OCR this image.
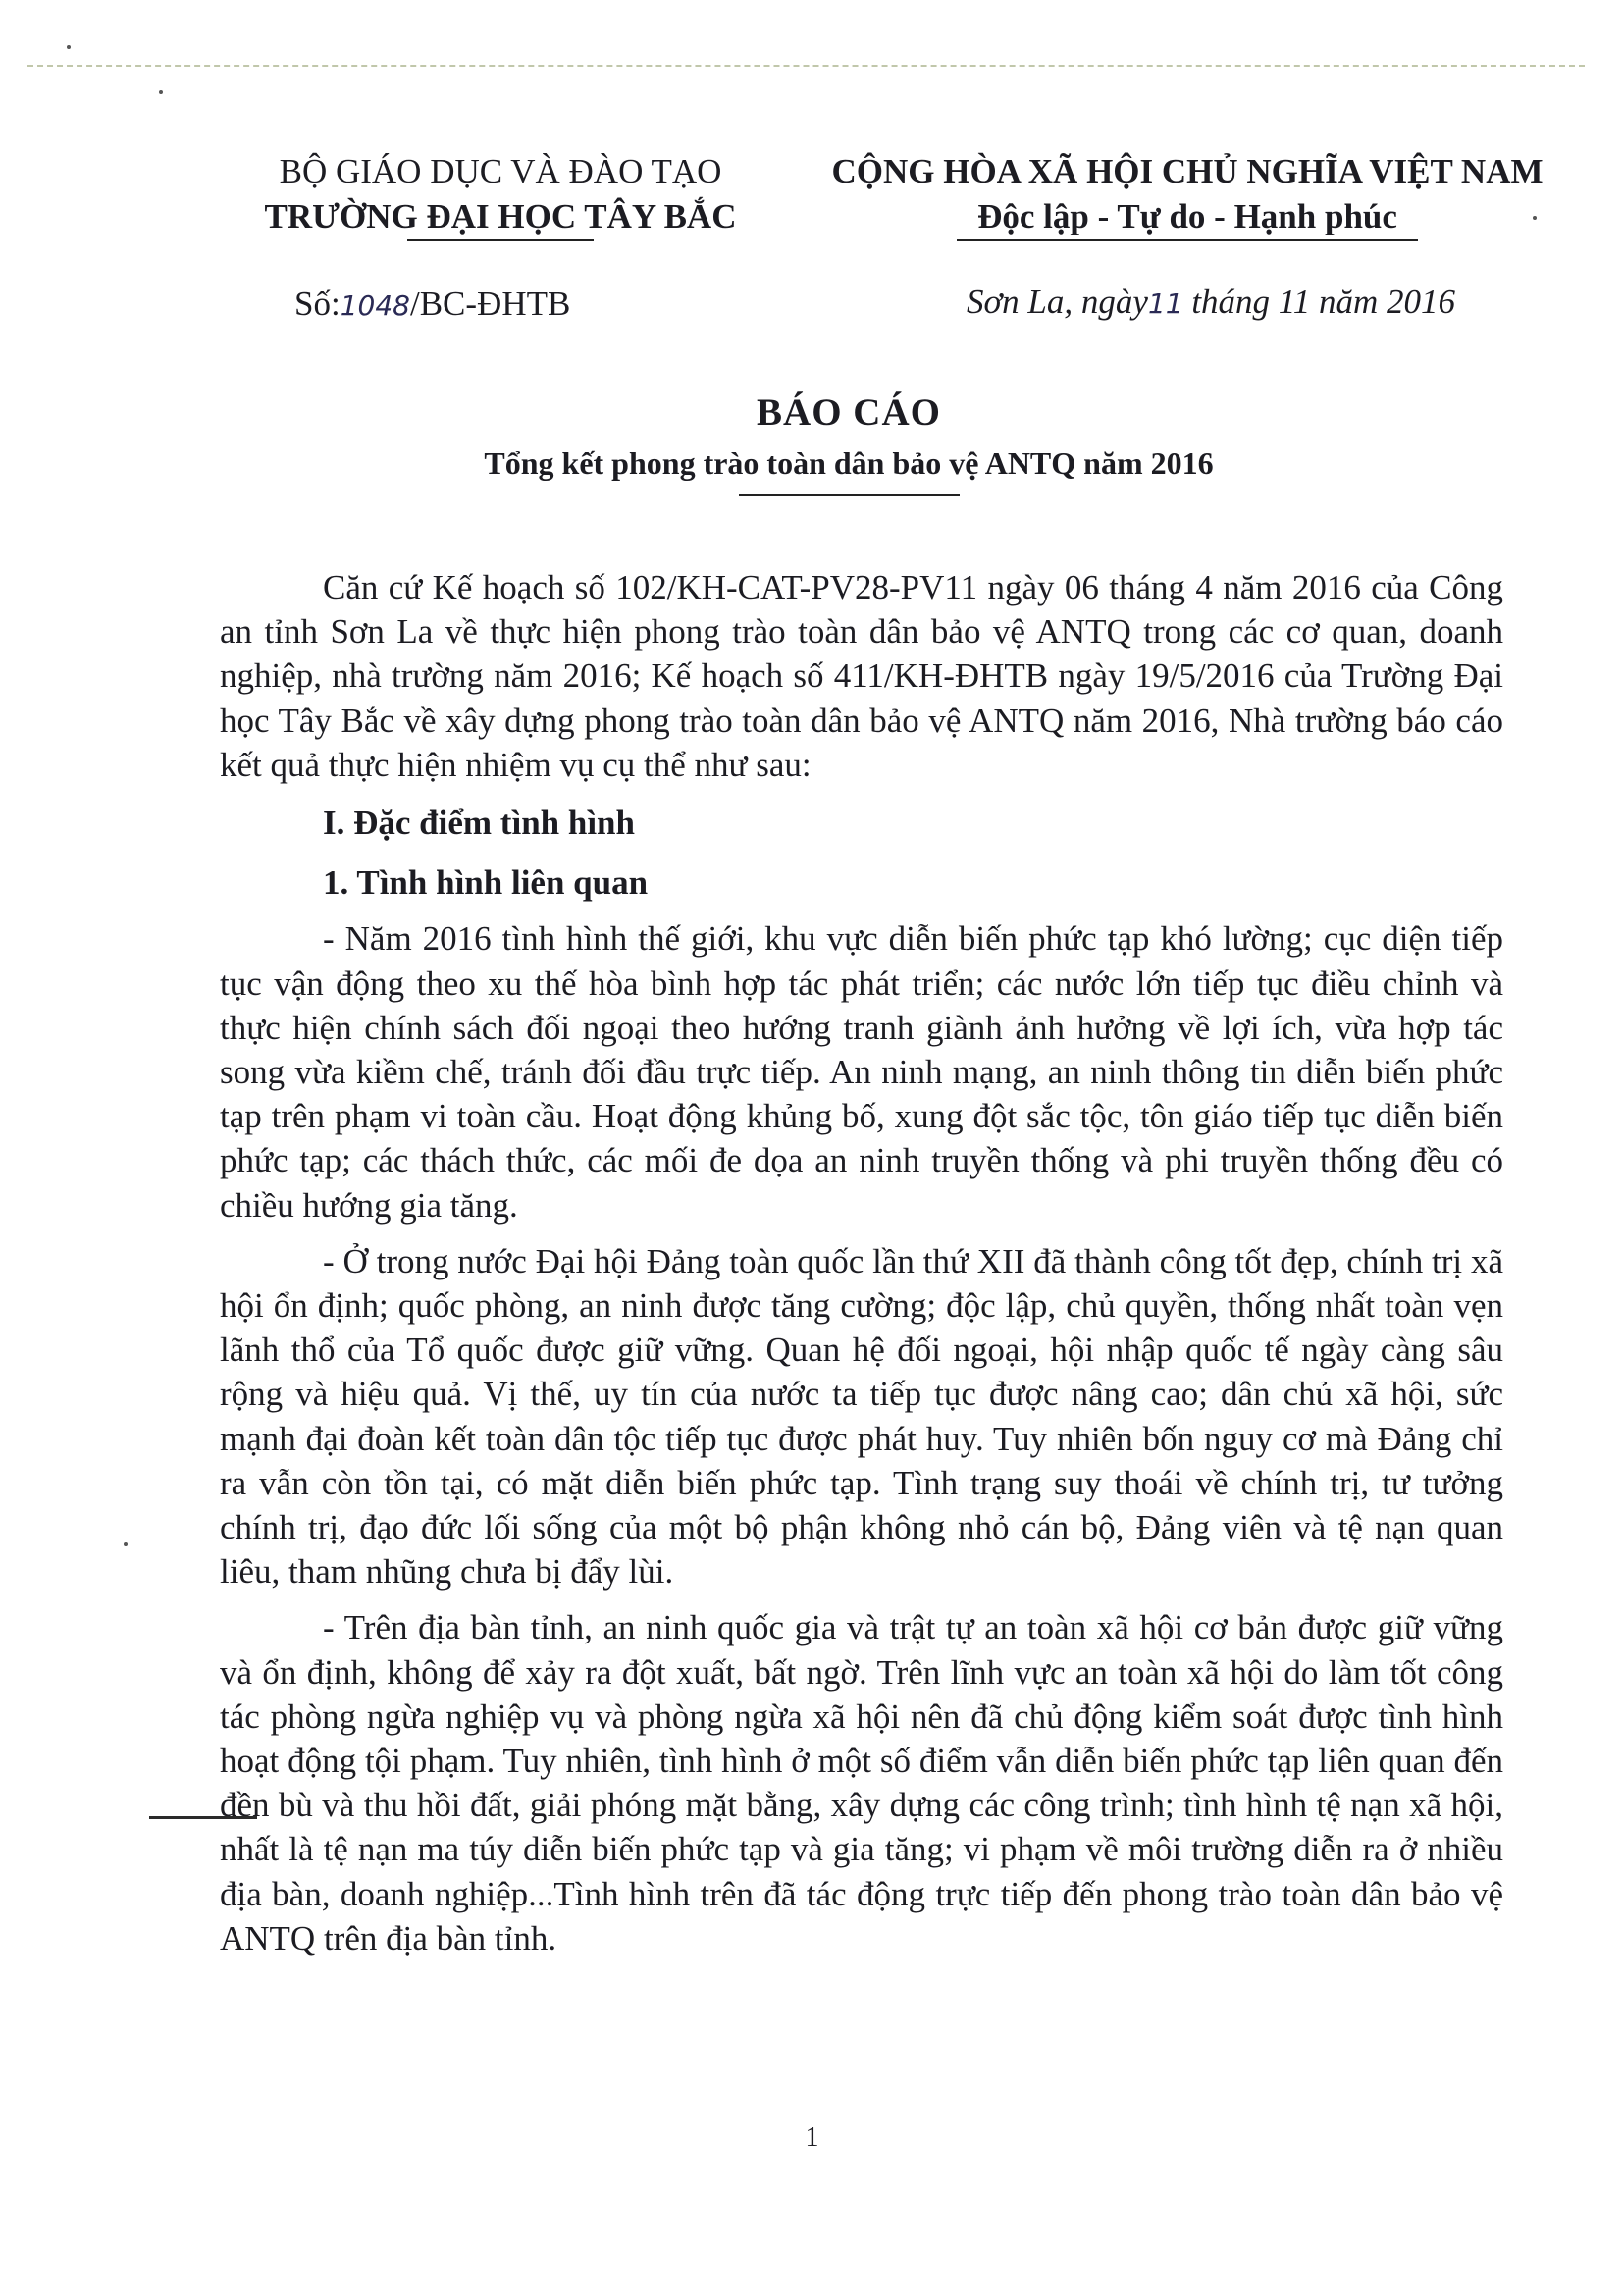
BỘ GIÁO DỤC VÀ ĐÀO TẠO
TRƯỜNG ĐẠI HỌC TÂY BẮC
CỘNG HÒA XÃ HỘI CHỦ NGHĨA VIỆT NAM
Độc lập - Tự do - Hạnh phúc
Số:1048/BC-ĐHTB	Sơn La, ngày11 tháng 11 năm 2016
BÁO CÁO
Tổng kết phong trào toàn dân bảo vệ ANTQ năm 2016

Căn cứ Kế hoạch số 102/KH-CAT-PV28-PV11 ngày 06 tháng 4 năm 2016 của Công an tỉnh Sơn La về thực hiện phong trào toàn dân bảo vệ ANTQ trong các cơ quan, doanh nghiệp, nhà trường năm 2016; Kế hoạch số 411/KH-ĐHTB ngày 19/5/2016 của Trường Đại học Tây Bắc về xây dựng phong trào toàn dân bảo vệ ANTQ năm 2016, Nhà trường báo cáo kết quả thực hiện nhiệm vụ cụ thể như sau:

I. Đặc điểm tình hình
1. Tình hình liên quan

- Năm 2016 tình hình thế giới, khu vực diễn biến phức tạp khó lường; cục diện tiếp tục vận động theo xu thế hòa bình hợp tác phát triển; các nước lớn tiếp tục điều chỉnh và thực hiện chính sách đối ngoại theo hướng tranh giành ảnh hưởng về lợi ích, vừa hợp tác song vừa kiềm chế, tránh đối đầu trực tiếp. An ninh mạng, an ninh thông tin diễn biến phức tạp trên phạm vi toàn cầu. Hoạt động khủng bố, xung đột sắc tộc, tôn giáo tiếp tục diễn biến phức tạp; các thách thức, các mối đe dọa an ninh truyền thống và phi truyền thống đều có chiều hướng gia tăng.

- Ở trong nước Đại hội Đảng toàn quốc lần thứ XII đã thành công tốt đẹp, chính trị xã hội ổn định; quốc phòng, an ninh được tăng cường; độc lập, chủ quyền, thống nhất toàn vẹn lãnh thổ của Tổ quốc được giữ vững. Quan hệ đối ngoại, hội nhập quốc tế ngày càng sâu rộng và hiệu quả. Vị thế, uy tín của nước ta tiếp tục được nâng cao; dân chủ xã hội, sức mạnh đại đoàn kết toàn dân tộc tiếp tục được phát huy. Tuy nhiên bốn nguy cơ mà Đảng chỉ ra vẫn còn tồn tại, có mặt diễn biến phức tạp. Tình trạng suy thoái về chính trị, tư tưởng chính trị, đạo đức lối sống của một bộ phận không nhỏ cán bộ, Đảng viên và tệ nạn quan liêu, tham nhũng chưa bị đẩy lùi.

- Trên địa bàn tỉnh, an ninh quốc gia và trật tự an toàn xã hội cơ bản được giữ vững và ổn định, không để xảy ra đột xuất, bất ngờ. Trên lĩnh vực an toàn xã hội do làm tốt công tác phòng ngừa nghiệp vụ và phòng ngừa xã hội nên đã chủ động kiểm soát được tình hình hoạt động tội phạm. Tuy nhiên, tình hình ở một số điểm vẫn diễn biến phức tạp liên quan đến đền bù và thu hồi đất, giải phóng mặt bằng, xây dựng các công trình; tình hình tệ nạn xã hội, nhất là tệ nạn ma túy diễn biến phức tạp và gia tăng; vi phạm về môi trường diễn ra ở nhiều địa bàn, doanh nghiệp...Tình hình trên đã tác động trực tiếp đến phong trào toàn dân bảo vệ ANTQ trên địa bàn tỉnh.

1
